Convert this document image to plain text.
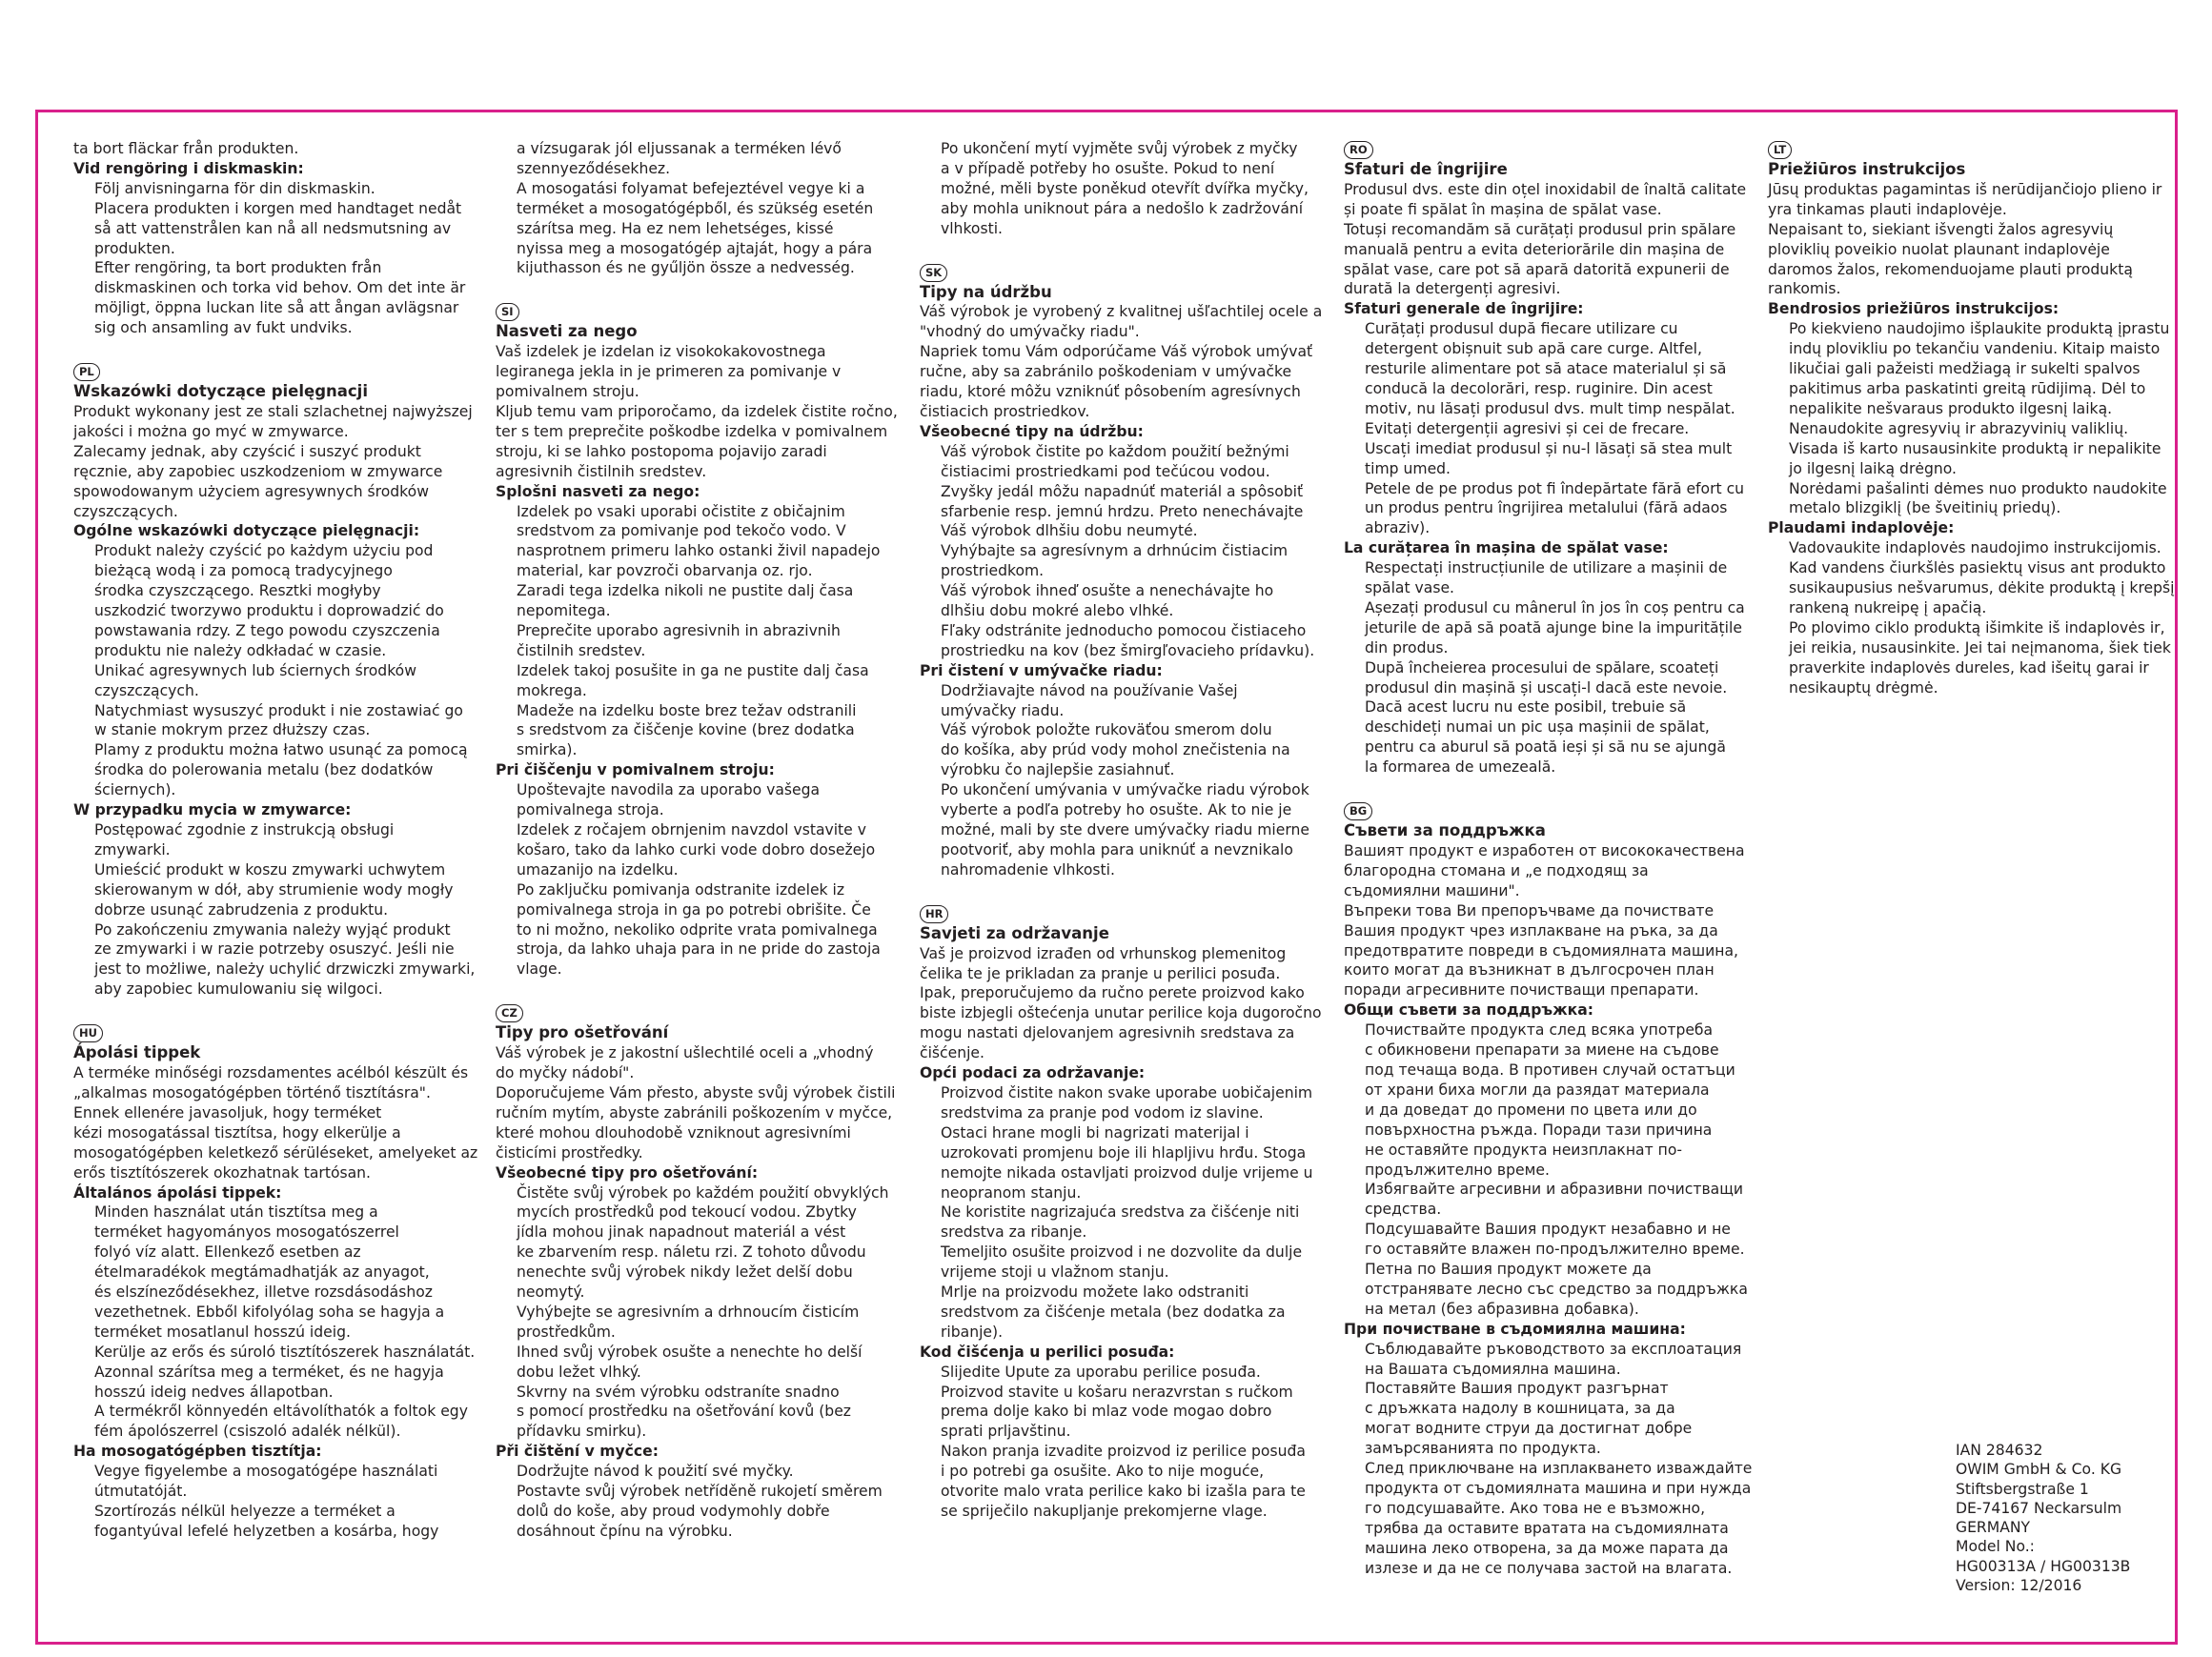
ta bort fläckar från produkten.
Vid rengöring i diskmaskin:
Följ anvisningarna för din diskmaskin.
Placera produkten i korgen med handtaget nedåt
så att vattenstrålen kan nå all nedsmutsning av
produkten.
Efter rengöring, ta bort produkten från
diskmaskinen och torka vid behov. Om det inte är
möjligt, öppna luckan lite så att ångan avlägsnar
sig och ansamling av fukt undviks.
PL
Wskazówki dotyczące pielęgnacji
Produkt wykonany jest ze stali szlachetnej najwyższej
jakości i można go myć w zmywarce.
Zalecamy jednak, aby czyścić i suszyć produkt
ręcznie, aby zapobiec uszkodzeniom w zmywarce
spowodowanym użyciem agresywnych środków
czyszczących.
Ogólne wskazówki dotyczące pielęgnacji:
Produkt należy czyścić po każdym użyciu pod
bieżącą wodą i za pomocą tradycyjnego
środka czyszczącego. Resztki mogłyby
uszkodzić tworzywo produktu i doprowadzić do
powstawania rdzy. Z tego powodu czyszczenia
produktu nie należy odkładać w czasie.
Unikać agresywnych lub ściernych środków
czyszczących.
Natychmiast wysuszyć produkt i nie zostawiać go
w stanie mokrym przez dłuższy czas.
Plamy z produktu można łatwo usunąć za pomocą
środka do polerowania metalu (bez dodatków
ściernych).
W przypadku mycia w zmywarce:
Postępować zgodnie z instrukcją obsługi
zmywarki.
Umieścić produkt w koszu zmywarki uchwytem
skierowanym w dół, aby strumienie wody mogły
dobrze usunąć zabrudzenia z produktu.
Po zakończeniu zmywania należy wyjąć produkt
ze zmywarki i w razie potrzeby osuszyć. Jeśli nie
jest to możliwe, należy uchylić drzwiczki zmywarki,
aby zapobiec kumulowaniu się wilgoci.
HU
Ápolási tippek
A terméke minőségi rozsdamentes acélból készült és
„alkalmas mosogatógépben történő tisztításra".
Ennek ellenére javasoljuk, hogy terméket
kézi mosogatással tisztítsa, hogy elkerülje a
mosogatógépben keletkező sérüléseket, amelyeket az
erős tisztítószerek okozhatnak tartósan.
Általános ápolási tippek:
Minden használat után tisztítsa meg a
terméket hagyományos mosogatószerrel
folyó víz alatt. Ellenkező esetben az
ételmaradékok megtámadhatják az anyagot,
és elszíneződésekhez, illetve rozsdásodáshoz
vezethetnek. Ebből kifolyólag soha se hagyja a
terméket mosatlanul hosszú ideig.
Kerülje az erős és súroló tisztítószerek használatát.
Azonnal szárítsa meg a terméket, és ne hagyja
hosszú ideig nedves állapotban.
A termékről könnyedén eltávolíthatók a foltok egy
fém ápolószerrel (csiszoló adalék nélkül).
Ha mosogatógépben tisztítja:
Vegye figyelembe a mosogatógépe használati
útmutatóját.
Szortírozás nélkül helyezze a terméket a
fogantyúval lefelé helyzetben a kosárba, hogy
a vízsugarak jól eljussanak a terméken lévő
szennyeződésekhez.
A mosogatási folyamat befejeztével vegye ki a
terméket a mosogatógépből, és szükség esetén
szárítsa meg. Ha ez nem lehetséges, kissé
nyissa meg a mosogatógép ajtaját, hogy a pára
kijuthasson és ne gyűljön össze a nedvesség.
SI
Nasveti za nego
Vaš izdelek je izdelan iz visokokakovostnega
legiranega jekla in je primeren za pomivanje v
pomivalnem stroju.
Kljub temu vam priporočamo, da izdelek čistite ročno,
ter s tem preprečite poškodbe izdelka v pomivalnem
stroju, ki se lahko postopoma pojavijo zaradi
agresivnih čistilnih sredstev.
Splošni nasveti za nego:
Izdelek po vsaki uporabi očistite z običajnim
sredstvom za pomivanje pod tekočo vodo. V
nasprotnem primeru lahko ostanki živil napadejo
material, kar povzroči obarvanja oz. rjo.
Zaradi tega izdelka nikoli ne pustite dalj časa
nepomitega.
Preprečite uporabo agresivnih in abrazivnih
čistilnih sredstev.
Izdelek takoj posušite in ga ne pustite dalj časa
mokrega.
Madeže na izdelku boste brez težav odstranili
s sredstvom za čiščenje kovine (brez dodatka
smirka).
Pri čiščenju v pomivalnem stroju:
Upoštevajte navodila za uporabo vašega
pomivalnega stroja.
Izdelek z ročajem obrnjenim navzdol vstavite v
košaro, tako da lahko curki vode dobro dosežejo
umazanijo na izdelku.
Po zaključku pomivanja odstranite izdelek iz
pomivalnega stroja in ga po potrebi obrišite. Če
to ni možno, nekoliko odprite vrata pomivalnega
stroja, da lahko uhaja para in ne pride do zastoja
vlage.
CZ
Tipy pro ošetřování
Váš výrobek je z jakostní ušlechtilé oceli a „vhodný
do myčky nádobí".
Doporučujeme Vám přesto, abyste svůj výrobek čistili
ručním mytím, abyste zabránili poškozením v myčce,
které mohou dlouhodobě vzniknout agresivními
čisticími prostředky.
Všeobecné tipy pro ošetřování:
Čistěte svůj výrobek po každém použití obvyklých
mycích prostředků pod tekoucí vodou. Zbytky
jídla mohou jinak napadnout materiál a vést
ke zbarvením resp. náletu rzi. Z tohoto důvodu
nenechte svůj výrobek nikdy ležet delší dobu
neomytý.
Vyhýbejte se agresivním a drhnoucím čisticím
prostředkům.
Ihned svůj výrobek osušte a nenechte ho delší
dobu ležet vlhký.
Skvrny na svém výrobku odstraníte snadno
s pomocí prostředku na ošetřování kovů (bez
přídavku smirku).
Při čištění v myčce:
Dodržujte návod k použití své myčky.
Postavte svůj výrobek netříděně rukojetí směrem
dolů do koše, aby proud vodymohly dobře
dosáhnout čpínu na výrobku.
Po ukončení mytí vyjměte svůj výrobek z myčky
a v případě potřeby ho osušte. Pokud to není
možné, měli byste poněkud otevřít dvířka myčky,
aby mohla uniknout pára a nedošlo k zadržování
vlhkosti.
SK
Tipy na údržbu
Váš výrobok je vyrobený z kvalitnej ušľachtilej ocele a
"vhodný do umývačky riadu".
Napriek tomu Vám odporúčame Váš výrobok umývať
ručne, aby sa zabránilo poškodeniam v umývačke
riadu, ktoré môžu vzniknúť pôsobením agresívnych
čistiacich prostriedkov.
Všeobecné tipy na údržbu:
Váš výrobok čistite po každom použití bežnými
čistiacimi prostriedkami pod tečúcou vodou.
Zvyšky jedál môžu napadnúť materiál a spôsobiť
sfarbenie resp. jemnú hrdzu. Preto nenechávajte
Váš výrobok dlhšiu dobu neumyté.
Vyhýbajte sa agresívnym a drhnúcim čistiacim
prostriedkom.
Váš výrobok ihneď osušte a nenechávajte ho
dlhšiu dobu mokré alebo vlhké.
Fľaky odstránite jednoducho pomocou čistiaceho
prostriedku na kov (bez šmirgľovacieho prídavku).
Pri čistení v umývačke riadu:
Dodržiavajte návod na používanie Vašej
umývačky riadu.
Váš výrobok položte rukoväťou smerom dolu
do košíka, aby prúd vody mohol znečistenia na
výrobku čo najlepšie zasiahnuť.
Po ukončení umývania v umývačke riadu výrobok
vyberte a podľa potreby ho osušte. Ak to nie je
možné, mali by ste dvere umývačky riadu mierne
pootvoriť, aby mohla para uniknúť a nevznikalo
nahromadenie vlhkosti.
HR
Savjeti za održavanje
Vaš je proizvod izrađen od vrhunskog plemenitog
čelika te je prikladan za pranje u perilici posuđa.
Ipak, preporučujemo da ručno perete proizvod kako
biste izbjegli oštećenja unutar perilice koja dugoročno
mogu nastati djelovanjem agresivnih sredstava za
čišćenje.
Opći podaci za održavanje:
Proizvod čistite nakon svake uporabe uobičajenim
sredstvima za pranje pod vodom iz slavine.
Ostaci hrane mogli bi nagrizati materijal i
uzrokovati promjenu boje ili hlapljivu hrđu. Stoga
nemojte nikada ostavljati proizvod dulje vrijeme u
neopranom stanju.
Ne koristite nagrizajuća sredstva za čišćenje niti
sredstva za ribanje.
Temeljito osušite proizvod i ne dozvolite da dulje
vrijeme stoji u vlažnom stanju.
Mrlje na proizvodu možete lako odstraniti
sredstvom za čišćenje metala (bez dodatka za
ribanje).
Kod čišćenja u perilici posuđa:
Slijedite Upute za uporabu perilice posuđa.
Proizvod stavite u košaru nerazvrstan s ručkom
prema dolje kako bi mlaz vode mogao dobro
sprati prljavštinu.
Nakon pranja izvadite proizvod iz perilice posuđa
i po potrebi ga osušite. Ako to nije moguće,
otvorite malo vrata perilice kako bi izašla para te
se spriječilo nakupljanje prekomjerne vlage.
RO
Sfaturi de îngrijire
Produsul dvs. este din oțel inoxidabil de înaltă calitate
și poate fi spălat în mașina de spălat vase.
Totuși recomandăm să curățați produsul prin spălare
manuală pentru a evita deteriorările din mașina de
spălat vase, care pot să apară datorită expunerii de
durată la detergenți agresivi.
Sfaturi generale de îngrijire:
Curățați produsul după fiecare utilizare cu
detergent obișnuit sub apă care curge. Altfel,
resturile alimentare pot să atace materialul și să
conducă la decolorări, resp. ruginire. Din acest
motiv, nu lăsați produsul dvs. mult timp nespălat.
Evitați detergenții agresivi și cei de frecare.
Uscați imediat produsul și nu-l lăsați să stea mult
timp umed.
Petele de pe produs pot fi îndepărtate fără efort cu
un produs pentru îngrijirea metalului (fără adaos
abraziv).
La curățarea în mașina de spălat vase:
Respectați instrucțiunile de utilizare a mașinii de
spălat vase.
Așezați produsul cu mânerul în jos în coș pentru ca
jeturile de apă să poată ajunge bine la impuritățile
din produs.
După încheierea procesului de spălare, scoateți
produsul din mașină și uscați-l dacă este nevoie.
Dacă acest lucru nu este posibil, trebuie să
deschideți numai un pic ușa mașinii de spălat,
pentru ca aburul să poată ieși și să nu se ajungă
la formarea de umezeală.
BG
Съвети за поддръжка
Вашият продукт е изработен от висококачествена
благородна стомана и „е подходящ за
съдомиялни машини".
Въпреки това Ви препоръчваме да почиствате
Вашия продукт чрез изплакване на ръка, за да
предотвратите повреди в съдомиялната машина,
които могат да възникнат в дългосрочен план
поради агресивните почистващи препарати.
Общи съвети за поддръжка:
Почиствайте продукта след всяка употреба
с обикновени препарати за миене на съдове
под течаща вода. В противен случай остатъци
от храни биха могли да разядат материала
и да доведат до промени по цвета или до
повърхностна ръжда. Поради тази причина
не оставяйте продукта неизплакнат по-
продължително време.
Избягвайте агресивни и абразивни почистващи
средства.
Подсушавайте Вашия продукт незабавно и не
го оставяйте влажен по-продължително време.
Петна по Вашия продукт можете да
отстранявате лесно със средство за поддръжка
на метал (без абразивна добавка).
При почистване в съдомиялна машина:
Съблюдавайте ръководството за експлоатация
на Вашата съдомиялна машина.
Поставяйте Вашия продукт разгърнат
с дръжката надолу в кошницата, за да
могат водните струи да достигнат добре
замърсяванията по продукта.
След приключване на изплакването изваждайте
продукта от съдомиялната машина и при нужда
го подсушавайте. Ако това не е възможно,
трябва да оставите вратата на съдомиялната
машина леко отворена, за да може парата да
излезе и да не се получава застой на влагата.
LT
Priežiūros instrukcijos
Jūsų produktas pagamintas iš nerūdijančiojo plieno ir
yra tinkamas plauti indaplovėje.
Nepaisant to, siekiant išvengti žalos agresyvių
ploviklių poveikio nuolat plaunant indaplovėje
daromos žalos, rekomenduojame plauti produktą
rankomis.
Bendrosios priežiūros instrukcijos:
Po kiekvieno naudojimo išplaukite produktą įprastu
indų plovikliu po tekančiu vandeniu. Kitaip maisto
likučiai gali pažeisti medžiagą ir sukelti spalvos
pakitimus arba paskatinti greitą rūdijimą. Dėl to
nepalikite nešvaraus produkto ilgesnį laiką.
Nenaudokite agresyvių ir abrazyvinių valiklių.
Visada iš karto nusausinkite produktą ir nepalikite
jo ilgesnį laiką drėgno.
Norėdami pašalinti dėmes nuo produkto naudokite
metalo blizgiklį (be šveitinių priedų).
Plaudami indaplovėje:
Vadovaukite indaplovės naudojimo instrukcijomis.
Kad vandens čiurkšlės pasiektų visus ant produkto
susikaupusius nešvarumus, dėkite produktą į krepšį
rankeną nukreipę į apačią.
Po plovimo ciklo produktą išimkite iš indaplovės ir,
jei reikia, nusausinkite. Jei tai neįmanoma, šiek tiek
praverkite indaplovės dureles, kad išeitų garai ir
nesikauptų drėgmė.
IAN 284632
OWIM GmbH & Co. KG
Stiftsbergstraße 1
DE-74167 Neckarsulm
GERMANY
Model No.:
HG00313A / HG00313B
Version: 12/2016
